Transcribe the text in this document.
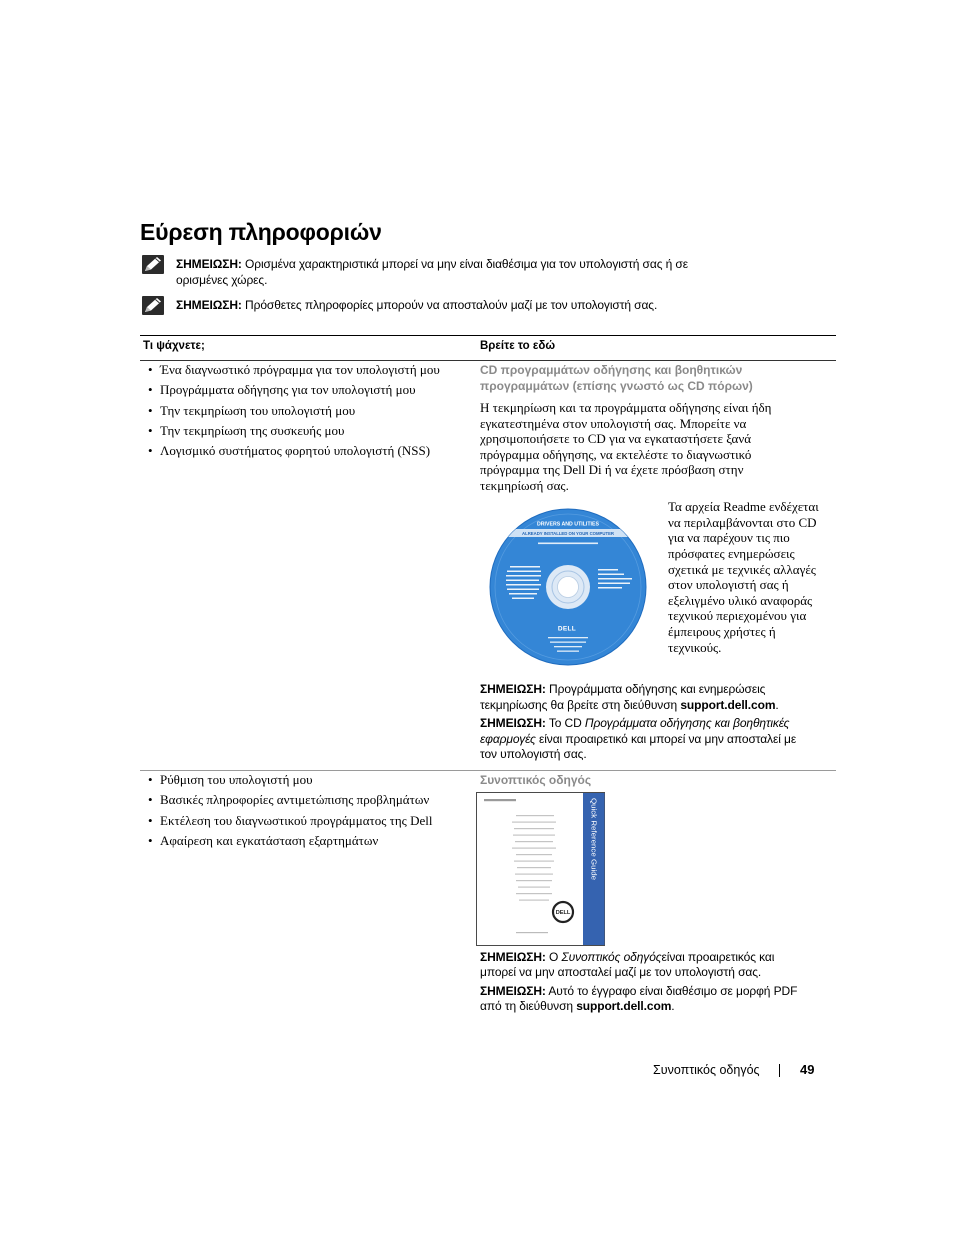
Εύρεση πληροφοριών
ΣΗΜΕΙΩΣΗ: Ορισμένα χαρακτηριστικά μπορεί να μην είναι διαθέσιμα για τον υπολογιστή σας ή σε
ορισμένες χώρες.
ΣΗΜΕΙΩΣΗ: Πρόσθετες πληροφορίες μπορούν να αποσταλούν μαζί με τον υπολογιστή σας.
Τι ψάχνετε;	Βρείτε το εδώ
• Ένα διαγνωστικό πρόγραμμα για τον υπολογιστή μου
• Προγράμματα οδήγησης για τον υπολογιστή μου
• Την τεκμηρίωση του υπολογιστή μου
• Την τεκμηρίωση της συσκευής μου
• Λογισμικό συστήματος φορητού υπολογιστή (NSS)
CD προγραμμάτων οδήγησης και βοηθητικών
προγραμμάτων (επίσης γνωστό ως CD πόρων)
Η τεκμηρίωση και τα προγράμματα οδήγησης είναι ήδη
εγκατεστημένα στον υπολογιστή σας. Μπορείτε να
χρησιμοποιήσετε το CD για να εγκαταστήσετε ξανά
πρόγραμμα οδήγησης, να εκτελέστε το διαγνωστικό
πρόγραμμα της Dell Di ή να έχετε πρόσβαση στην
τεκμηρίωσή σας.
DRIVERS AND UTILITIES
ALREADY INSTALLED ON YOUR COMPUTER
DELL
Τα αρχεία Readme ενδέχεται
να περιλαμβάνονται στο CD
για να παρέχουν τις πιο
πρόσφατες ενημερώσεις
σχετικά με τεχνικές αλλαγές
στον υπολογιστή σας ή
εξελιγμένο υλικό αναφοράς
τεχνικού περιεχομένου για
έμπειρους χρήστες ή
τεχνικούς.
ΣΗΜΕΙΩΣΗ: Προγράμματα οδήγησης και ενημερώσεις
τεκμηρίωσης θα βρείτε στη διεύθυνση support.dell.com.
ΣΗΜΕΙΩΣΗ: Το CD Προγράμματα οδήγησης και βοηθητικές
εφαρμογές είναι προαιρετικό και μπορεί να μην αποσταλεί με
τον υπολογιστή σας.
• Ρύθμιση του υπολογιστή μου
• Βασικές πληροφορίες αντιμετώπισης προβλημάτων
• Εκτέλεση του διαγνωστικού προγράμματος της Dell
• Αφαίρεση και εγκατάσταση εξαρτημάτων
Συνοπτικός οδηγός
Quick Reference Guide
DELL
ΣΗΜΕΙΩΣΗ: Ο Συνοπτικός οδηγόςείναι προαιρετικός και
μπορεί να μην αποσταλεί μαζί με τον υπολογιστή σας.
ΣΗΜΕΙΩΣΗ: Αυτό το έγγραφο είναι διαθέσιμο σε μορφή PDF
από τη διεύθυνση support.dell.com.
Συνοπτικός οδηγός	49
